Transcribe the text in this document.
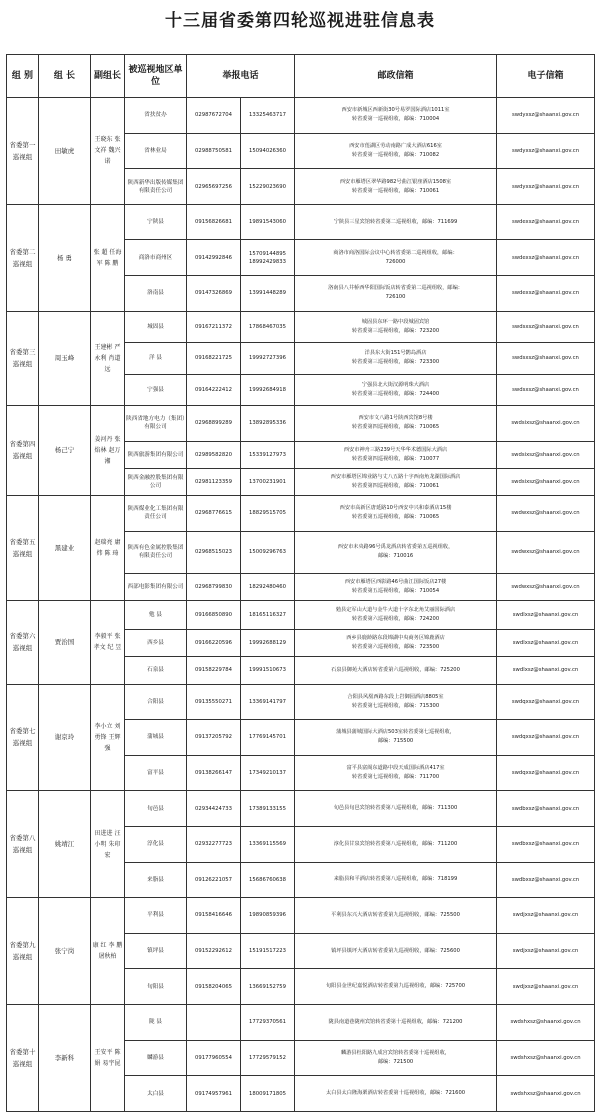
十三届省委第四轮巡视进驻信息表
组 别	组 长	副组长	被巡视地区单位	举报电话		邮政信箱	电子信箱
省委第一巡视组	田敏虎	王晓东 张文祥 魏兴诺	省扶贫办	02987672704	13325463717	西安市新城区西新街30号易罗国际酒店1011室
转省委第一巡视组收，邮编：710004	swdyxsz@shaanxi.gov.cn
			省林业局	02988750581	15094026360	西安市莲湖区劳动南路广成大酒店616室
转省委第一巡视组收，邮编：710082	swdyxsz@shaanxi.gov.cn
			陕西新华出版传媒集团有限责任公司	02965697256	15229023690	西安市雁塔区翠华路982号曲江银座酒店1508室
转省委第一巡视组收，邮编：710061	swdyxsz@shaanxi.gov.cn
省委第二巡视组	杨 勇	张 超 任海军 陈 鹏	宁陕县	09156826681	19891543060	宁陕县三星宾馆转省委第二巡视组收，邮编：711699	swdexsz@shaanxi.gov.cn
			商洛市商州区	09142992846	15709144895 18992429833	商洛市商洛国际会议中心转省委第二巡视组收，邮编：
726000	swdexsz@shaanxi.gov.cn
			洛南县	09147326869	13991448289	洛南县八井桥西华阳国际饭店转省委第二巡视组收，邮编：
726100	swdexsz@shaanxi.gov.cn
省委第三巡视组	周玉峰	王建彬 严永利 肖道远	城固县	09167211372	17868467035	城固县东环一路中段城固宾馆
转省委第三巡视组收，邮编：723200	swdsxsz@shaanxi.gov.cn
			洋 县	09168221725	19992727396	洋县东大街151号鹮岛酒店
转省委第三巡视组收，邮编：723300	swdsxsz@shaanxi.gov.cn
			宁强县	09164222412	19992684918	宁强县北大街汉源明珠大酒店
转省委第三巡视组收，邮编：724400	swdsxsz@shaanxi.gov.cn
省委第四巡视组	杨己宁	姜河丹 张焰林 赵万湘	陕西省地方电力（集团）有限公司	02968899289	13892895336	西安市文八路1号陕西宾馆8号楼
转省委第四巡视组收，邮编：710065	swdsixsz@shaanxi.gov.cn
			陕西旅游集团有限公司	02989582820	15339127973	西安市神舟三路239号天华华术德国际大酒店
转省委第四巡视组收，邮编：710077	swdsixsz@shaanxi.gov.cn
			陕西金融控股集团有限公司	02981123359	13700231901	西安市雁塔区锦业路与丈八五路十字西南角龙湖国际酒店
转省委第四巡视组收，邮编：710061	swdsixsz@shaanxi.gov.cn
省委第五巡视组	黑建业	赵瑞亮 庸 炜 陈 琦	陕西煤业化工集团有限责任公司	02968776615	18829515705	西安市高新区唐延路10号西安中兴和泰酒店15楼
转省委第五巡视组收，邮编：710065	swdwxsz@shaanxi.gov.cn
			陕西有色金属控股集团有限责任公司	02968515023	15009296763	西安市未央路96号禹龙酒店转省委第五巡视组收，
邮编：710016	swdwxsz@shaanxi.gov.cn
			西部电影集团有限公司	02968799830	18292480460	西安市雁塔区西影路46号曲江国际饭店27楼
转省委第五巡视组收，邮编：710054	swdwxsz@shaanxi.gov.cn
省委第六巡视组	贾治国	李毅平 张孝文 纪 昱	勉 县	09166850890	18165116327	勉县定军山大道与金牛大道十字东北角艾丽国际酒店
转省委第六巡视组收，邮编：724200	swdlxsz@shaanxi.gov.cn
			西乡县	09166220596	19992688129	西乡县鹿龄路东段锦湖中央商务区锦鹿酒店
转省委第六巡视组收，邮编：723500	swdlxsz@shaanxi.gov.cn
			石泉县	09158229784	19991510673	石泉县御苑大酒店转省委第六巡视组收，邮编：725200	swdlxsz@shaanxi.gov.cn
省委第七巡视组	谢京玲	李小立 刘勇锋 王辉强	合阳县	09135550271	13369141797	合阳县风凰西路东段上岩御园酒店8805室
转省委第七巡视组收，邮编：715300	swdqxsz@shaanxi.gov.cn
			蒲城县	09137205792	17769145701	蒲城县蒲城国际大酒店503室转省委第七巡视组收，
邮编：715500	swdqxsz@shaanxi.gov.cn
			富平县	09138266147	17349210137	富平县富阁东道路中段天成国际酒店417室
转省委第七巡视组收，邮编：711700	swdqxsz@shaanxi.gov.cn
省委第八巡视组	姚靖江	田进进 汪小明 朱印宏	旬邑县	02934424733	17389133155	旬邑县旬邑宾馆转省委第八巡视组收，邮编：711300	swdbxsz@shaanxi.gov.cn
			淳化县	02932277723	13369115569	淳化县甘泉宾馆转省委第八巡视组收，邮编：711200	swdbxsz@shaanxi.gov.cn
			来脂县	09126221057	15686760638	来脂县和平酒店转省委第八巡视组收，邮编：718199	swdbxsz@shaanxi.gov.cn
省委第九巡视组	张宁岗	康 红 李 鹏 屠秋柏	平利县	09158416646	19890859396	平利县东兴大酒店转省委第九巡视组收，邮编：725500	swdjxsz@shaanxi.gov.cn
			镇坪县	09152292612	15191517223	镇坪县镇坪大酒店转省委第九巡视组收，邮编：725600	swdjxsz@shaanxi.gov.cn
			旬阳县	09158204065	13669152759	旬阳县金世纪嘉悦酒店转省委第九巡视组收，邮编：725700	swdjxsz@shaanxi.gov.cn
省委第十巡视组	李新科	王安平 陈 娟 易宇昆	陇 县		17729370561	陇县南道巷陇州宾馆转省委第十巡视组收，邮编：721200	swdshxsz@shaanxi.gov.cn
			麟游县	09177960554	17729579152	麟游县杜阳路九成宫宾馆转省委第十巡视组收，
邮编：721500	swdshxsz@shaanxi.gov.cn
			太白县	09174957961	18009171805	太白县太白隆海栗酒店转省委第十巡视组收，邮编：721600	swdshxsz@shaanxi.gov.cn
